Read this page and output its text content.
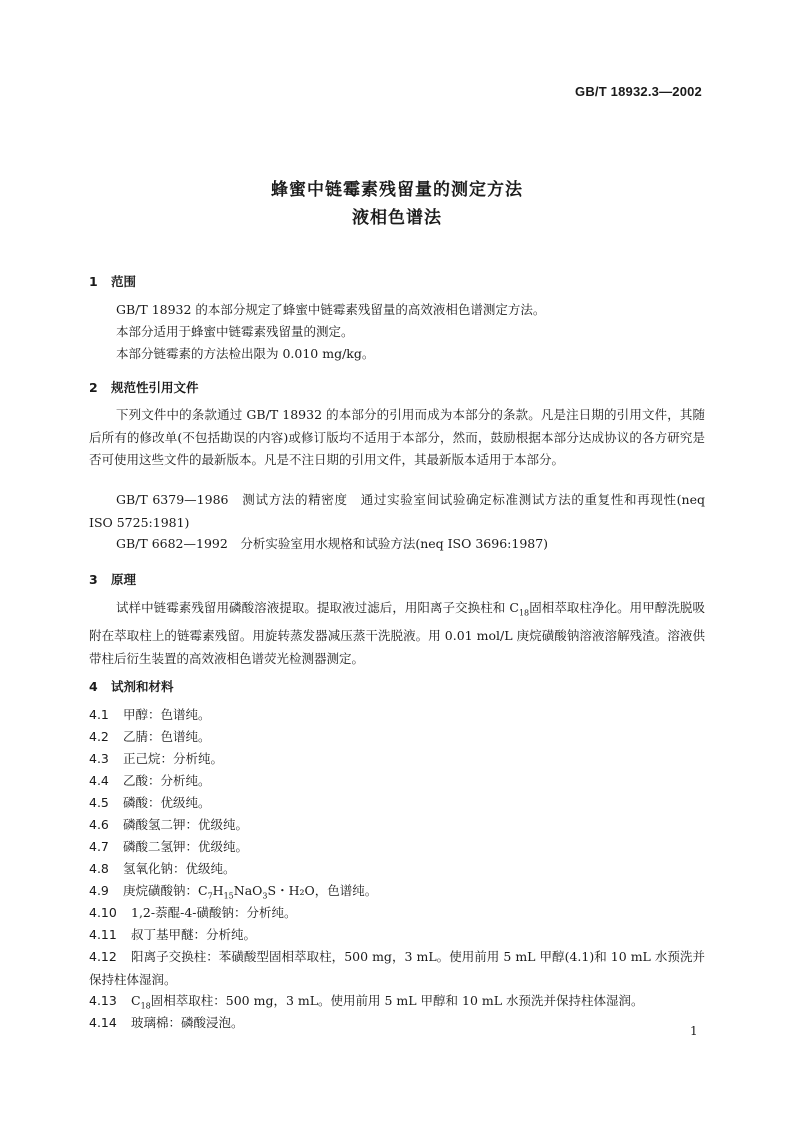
GB/T 18932.3—2002
蜂蜜中链霉素残留量的测定方法
液相色谱法
1 范围

GB/T 18932 的本部分规定了蜂蜜中链霉素残留量的高效液相色谱测定方法。

本部分适用于蜂蜜中链霉素残留量的测定。

本部分链霉素的方法检出限为 0.010 mg/kg。

2 规范性引用文件

下列文件中的条款通过 GB/T 18932 的本部分的引用而成为本部分的条款。凡是注日期的引用文件，其随后所有的修改单(不包括勘误的内容)或修订版均不适用于本部分，然而，鼓励根据本部分达成协议的各方研究是否可使用这些文件的最新版本。凡是不注日期的引用文件，其最新版本适用于本部分。

GB/T 6379—1986　测试方法的精密度　通过实验室间试验确定标准测试方法的重复性和再现性(neq ISO 5725:1981)

GB/T 6682—1992　分析实验室用水规格和试验方法(neq ISO 3696:1987)

3 原理

试样中链霉素残留用磷酸溶液提取。提取液过滤后，用阳离子交换柱和 $C_{18}$固相萃取柱净化。用甲醇洗脱吸附在萃取柱上的链霉素残留。用旋转蒸发器减压蒸干洗脱液。用 0.01 mol/L 庚烷磺酸钠溶液溶解残渣。溶液供带柱后衍生装置的高效液相色谱荧光检测器测定。

4 试剂和材料

4.1 甲醇：色谱纯。

4.2 乙腈：色谱纯。

4.3 正己烷：分析纯。

4.4 乙酸：分析纯。

4.5 磷酸：优级纯。

4.6 磷酸氢二钾：优级纯。

4.7 磷酸二氢钾：优级纯。

4.8 氢氧化钠：优级纯。

4.9 庚烷磺酸钠：$C_7H_{15}NaO_3S$・H₂O，色谱纯。

4.10 1,2-萘醌-4-磺酸钠：分析纯。

4.11 叔丁基甲醚：分析纯。

4.12 阳离子交换柱：苯磺酸型固相萃取柱，500 mg，3 mL。使用前用 5 mL 甲醇(4.1)和 10 mL 水预洗并保持柱体湿润。

4.13 $C_{18}$固相萃取柱：500 mg，3 mL。使用前用 5 mL 甲醇和 10 mL 水预洗并保持柱体湿润。

4.14 玻璃棉：磷酸浸泡。

1
